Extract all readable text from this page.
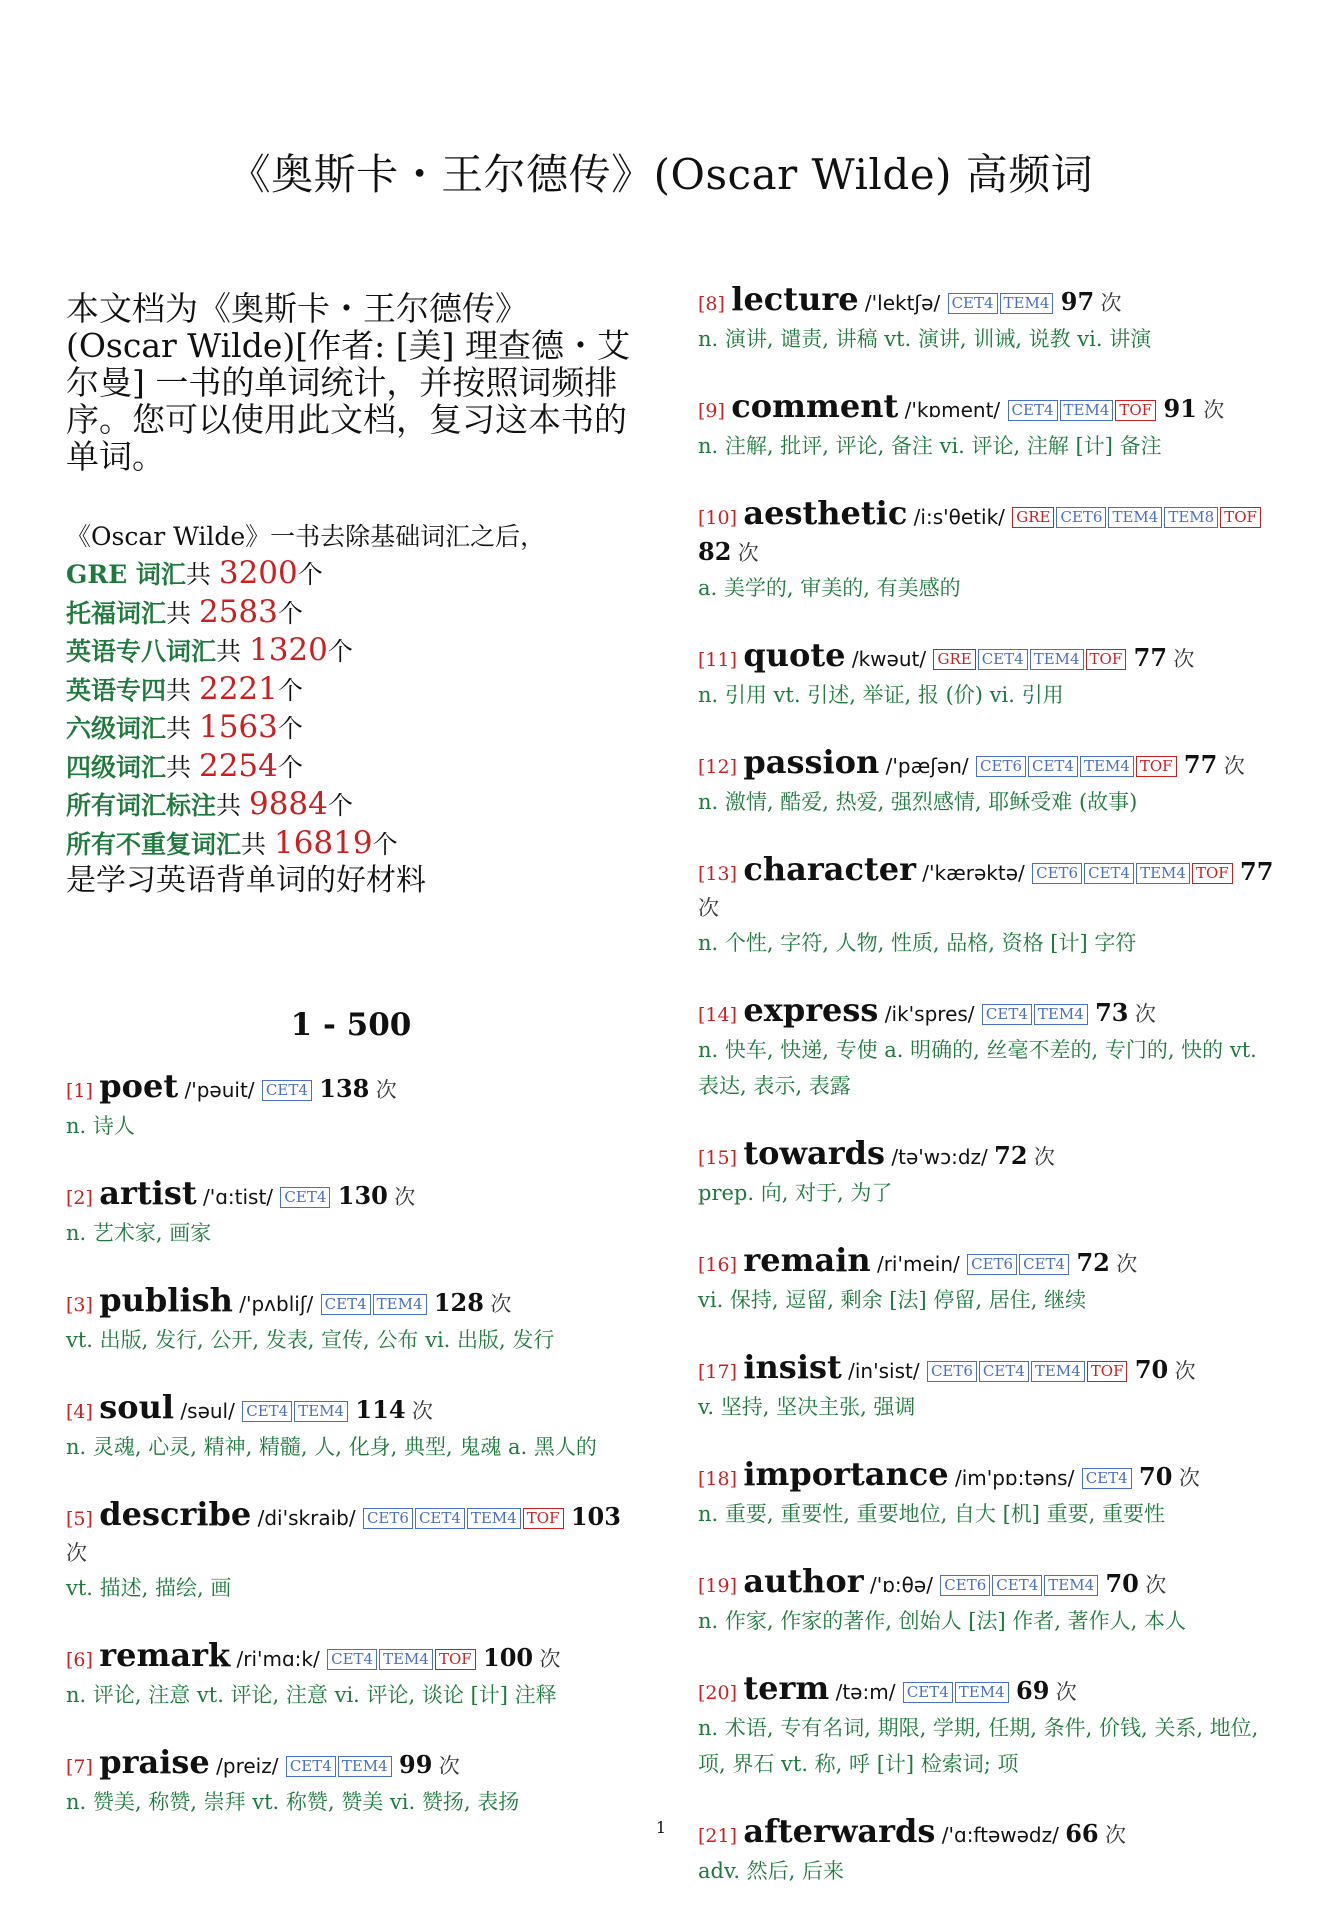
《奥斯卡・王尔德传》(Oscar Wilde) 高频词
本文档为《奥斯卡・王尔德传》(Oscar Wilde)[作者: [美] 理查德・艾尔曼] 一书的单词统计，并按照词频排序。您可以使用此文档，复习这本书的单词。
《Oscar Wilde》一书去除基础词汇之后，
GRE 词汇共 3200个
托福词汇共 2583个
英语专八词汇共 1320个
英语专四共 2221个
六级词汇共 1563个
四级词汇共 2254个
所有词汇标注共 9884个
所有不重复词汇共 16819个
是学习英语背单词的好材料
1 - 500
[1] poet /'pəuit/ CET4 138 次
n. 诗人
[2] artist /'ɑ:tist/ CET4 130 次
n. 艺术家, 画家
[3] publish /'pʌbliʃ/ CET4 TEM4 128 次
vt. 出版, 发行, 公开, 发表, 宣传, 公布 vi. 出版, 发行
[4] soul /səul/ CET4 TEM4 114 次
n. 灵魂, 心灵, 精神, 精髓, 人, 化身, 典型, 鬼魂 a. 黑人的
[5] describe /di'skraib/ CET6 CET4 TEM4 TOF 103 次
vt. 描述, 描绘, 画
[6] remark /ri'mɑ:k/ CET4 TEM4 TOF 100 次
n. 评论, 注意 vt. 评论, 注意 vi. 评论, 谈论 [计] 注释
[7] praise /preiz/ CET4 TEM4 99 次
n. 赞美, 称赞, 崇拜 vt. 称赞, 赞美 vi. 赞扬, 表扬
[8] lecture /'lektʃə/ CET4 TEM4 97 次
n. 演讲, 谴责, 讲稿 vt. 演讲, 训诫, 说教 vi. 讲演
[9] comment /'kɒment/ CET4 TEM4 TOF 91 次
n. 注解, 批评, 评论, 备注 vi. 评论, 注解 [计] 备注
[10] aesthetic /i:s'θetik/ GRE CET6 TEM4 TEM8 TOF 82 次
a. 美学的, 审美的, 有美感的
[11] quote /kwəut/ GRE CET4 TEM4 TOF 77 次
n. 引用 vt. 引述, 举证, 报 (价) vi. 引用
[12] passion /'pæʃən/ CET6 CET4 TEM4 TOF 77 次
n. 激情, 酷爱, 热爱, 强烈感情, 耶稣受难 (故事)
[13] character /'kærəktə/ CET6 CET4 TEM4 TOF 77 次
n. 个性, 字符, 人物, 性质, 品格, 资格 [计] 字符
[14] express /ik'spres/ CET4 TEM4 73 次
n. 快车, 快递, 专使 a. 明确的, 丝毫不差的, 专门的, 快的 vt. 表达, 表示, 表露
[15] towards /tə'wɔ:dz/ 72 次
prep. 向, 对于, 为了
[16] remain /ri'mein/ CET6 CET4 72 次
vi. 保持, 逗留, 剩余 [法] 停留, 居住, 继续
[17] insist /in'sist/ CET6 CET4 TEM4 TOF 70 次
v. 坚持, 坚决主张, 强调
[18] importance /im'pɒ:təns/ CET4 70 次
n. 重要, 重要性, 重要地位, 自大 [机] 重要, 重要性
[19] author /'ɒ:θə/ CET6 CET4 TEM4 70 次
n. 作家, 作家的著作, 创始人 [法] 作者, 著作人, 本人
[20] term /tə:m/ CET4 TEM4 69 次
n. 术语, 专有名词, 期限, 学期, 任期, 条件, 价钱, 关系, 地位, 项, 界石 vt. 称, 呼 [计] 检索词; 项
[21] afterwards /'ɑ:ftəwədz/ 66 次
adv. 然后, 后来
1
